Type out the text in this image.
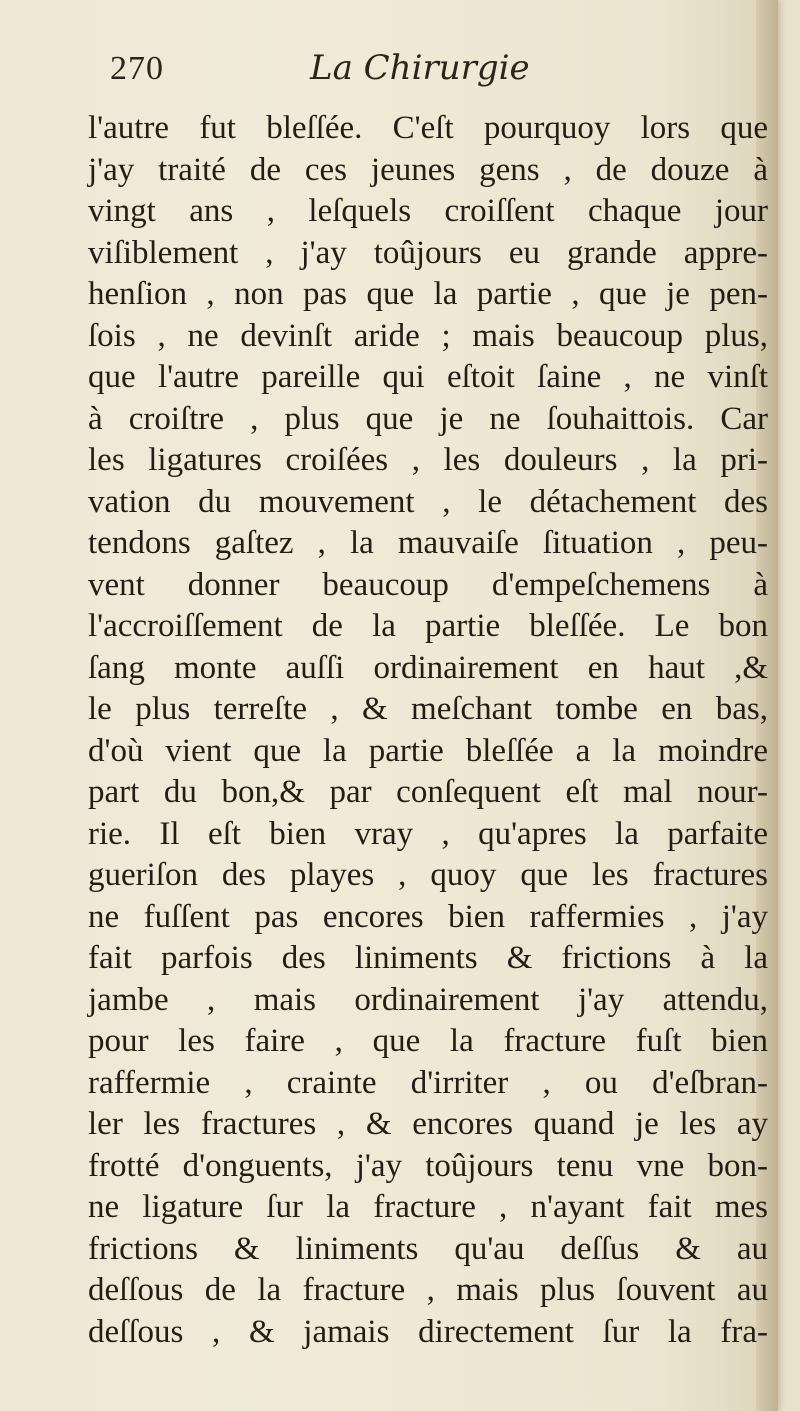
270	La Chirurgie
l'autre fut bleſſée. C'eſt pourquoy lors que
j'ay traité de ces jeunes gens , de douze à
vingt ans , leſquels croiſſent chaque jour
viſiblement , j'ay toûjours eu grande appre-
henſion , non pas que la partie , que je pen-
ſois , ne devinſt aride ; mais beaucoup plus,
que l'autre pareille qui eſtoit ſaine , ne vinſt
à croiſtre , plus que je ne ſouhaittois. Car
les ligatures croiſées , les douleurs , la pri-
vation du mouvement , le détachement des
tendons gaſtez , la mauvaiſe ſituation , peu-
vent donner beaucoup d'empeſchemens à
l'accroiſſement de la partie bleſſée. Le bon
ſang monte auſſi ordinairement en haut ,&
le plus terreſte , & meſchant tombe en bas,
d'où vient que la partie bleſſée a la moindre
part du bon,& par conſequent eſt mal nour-
rie. Il eſt bien vray , qu'apres la parfaite
gueriſon des playes , quoy que les fractures
ne fuſſent pas encores bien raffermies , j'ay
fait parfois des liniments & frictions à la
jambe , mais ordinairement j'ay attendu,
pour les faire , que la fracture fuſt bien
raffermie , crainte d'irriter , ou d'eſbran-
ler les fractures , & encores quand je les ay
frotté d'onguents, j'ay toûjours tenu vne bon-
ne ligature ſur la fracture , n'ayant fait mes
frictions & liniments qu'au deſſus & au
deſſous de la fracture , mais plus ſouvent au
deſſous , & jamais directement ſur la fra-
